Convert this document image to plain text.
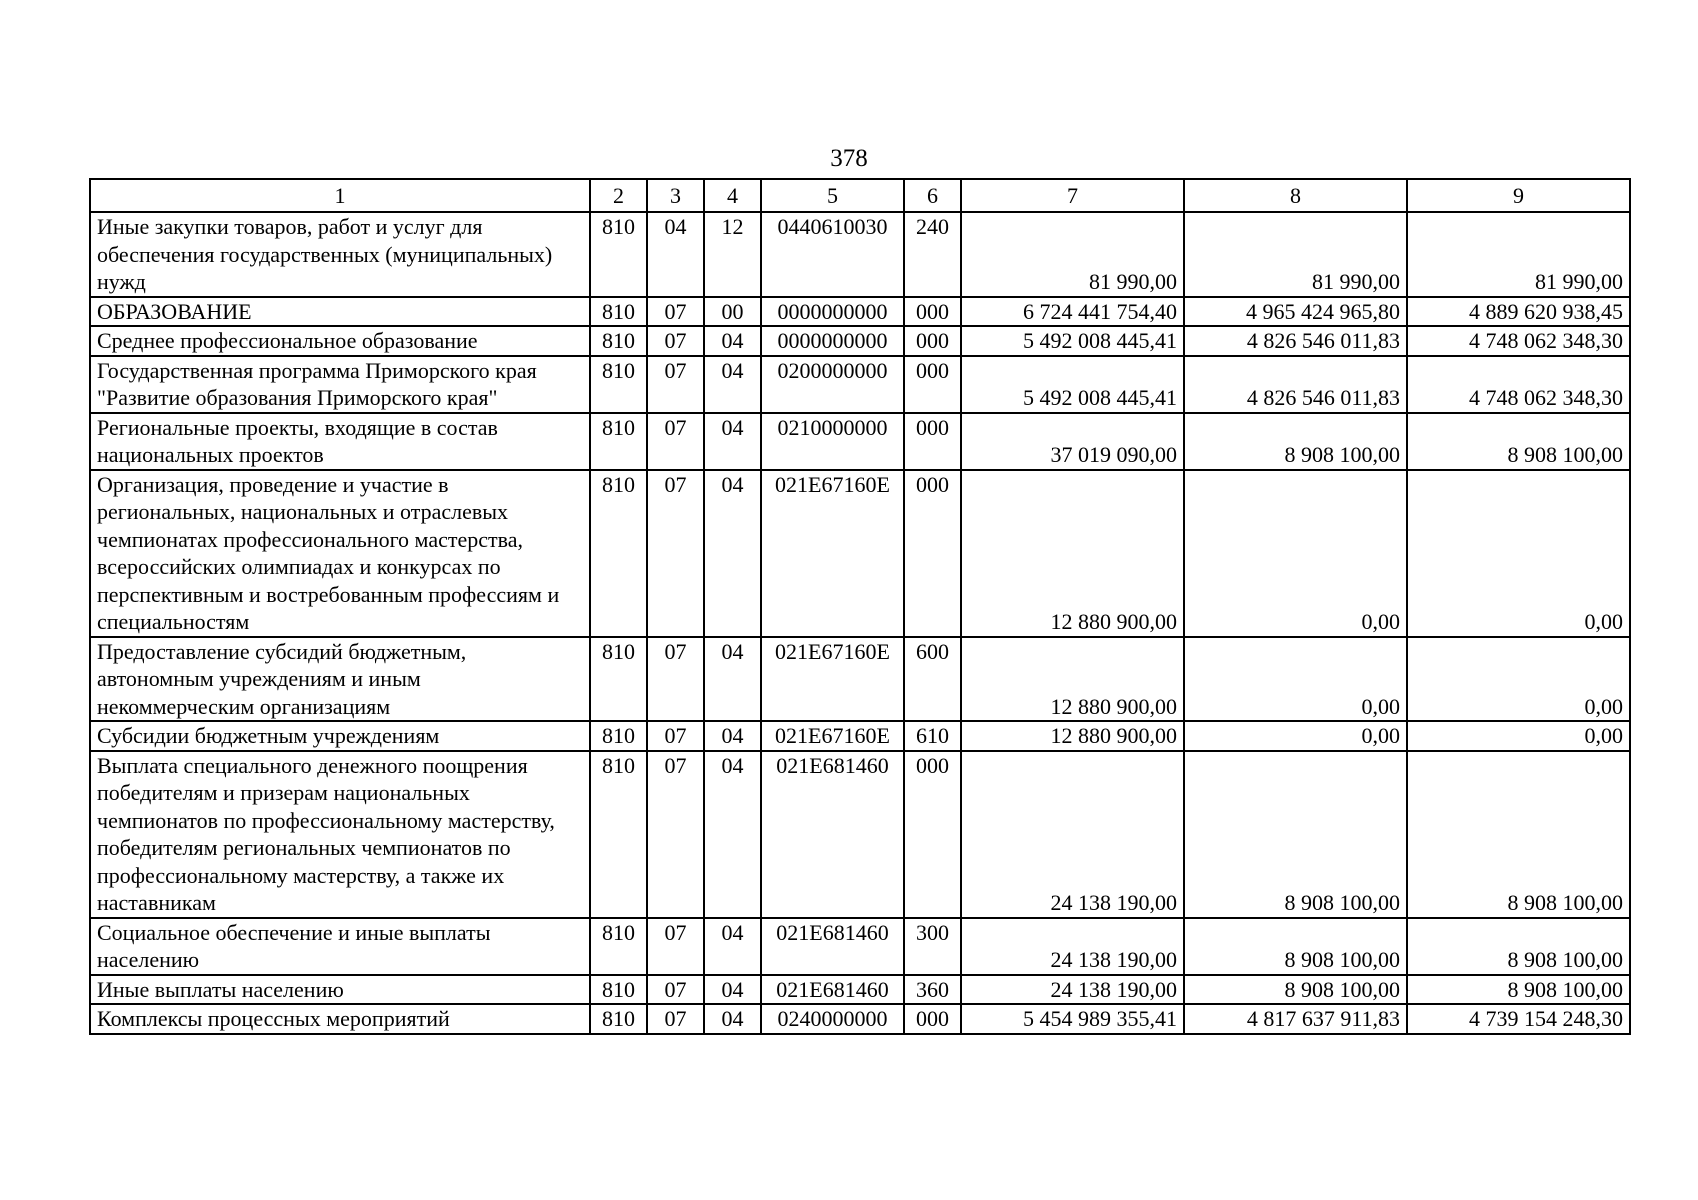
378
1	2	3	4	5	6	7	8	9
Иные закупки товаров, работ и услуг для обеспечения государственных (муниципальных) нужд	810	04	12	0440610030	240	81 990,00	81 990,00	81 990,00
ОБРАЗОВАНИЕ	810	07	00	0000000000	000	6 724 441 754,40	4 965 424 965,80	4 889 620 938,45
Среднее профессиональное образование	810	07	04	0000000000	000	5 492 008 445,41	4 826 546 011,83	4 748 062 348,30
Государственная программа Приморского края "Развитие образования Приморского края"	810	07	04	0200000000	000	5 492 008 445,41	4 826 546 011,83	4 748 062 348,30
Региональные проекты, входящие в состав национальных проектов	810	07	04	0210000000	000	37 019 090,00	8 908 100,00	8 908 100,00
Организация, проведение и участие в региональных, национальных и отраслевых чемпионатах профессионального мастерства, всероссийских олимпиадах и конкурсах по перспективным и востребованным профессиям и специальностям	810	07	04	021E67160E	000	12 880 900,00	0,00	0,00
Предоставление субсидий бюджетным, автономным учреждениям и иным некоммерческим организациям	810	07	04	021E67160E	600	12 880 900,00	0,00	0,00
Субсидии бюджетным учреждениям	810	07	04	021E67160E	610	12 880 900,00	0,00	0,00
Выплата специального денежного поощрения победителям и призерам национальных чемпионатов по профессиональному мастерству, победителям региональных чемпионатов по профессиональному мастерству, а также их наставникам	810	07	04	021E681460	000	24 138 190,00	8 908 100,00	8 908 100,00
Социальное обеспечение и иные выплаты населению	810	07	04	021E681460	300	24 138 190,00	8 908 100,00	8 908 100,00
Иные выплаты населению	810	07	04	021E681460	360	24 138 190,00	8 908 100,00	8 908 100,00
Комплексы процессных мероприятий	810	07	04	0240000000	000	5 454 989 355,41	4 817 637 911,83	4 739 154 248,30
